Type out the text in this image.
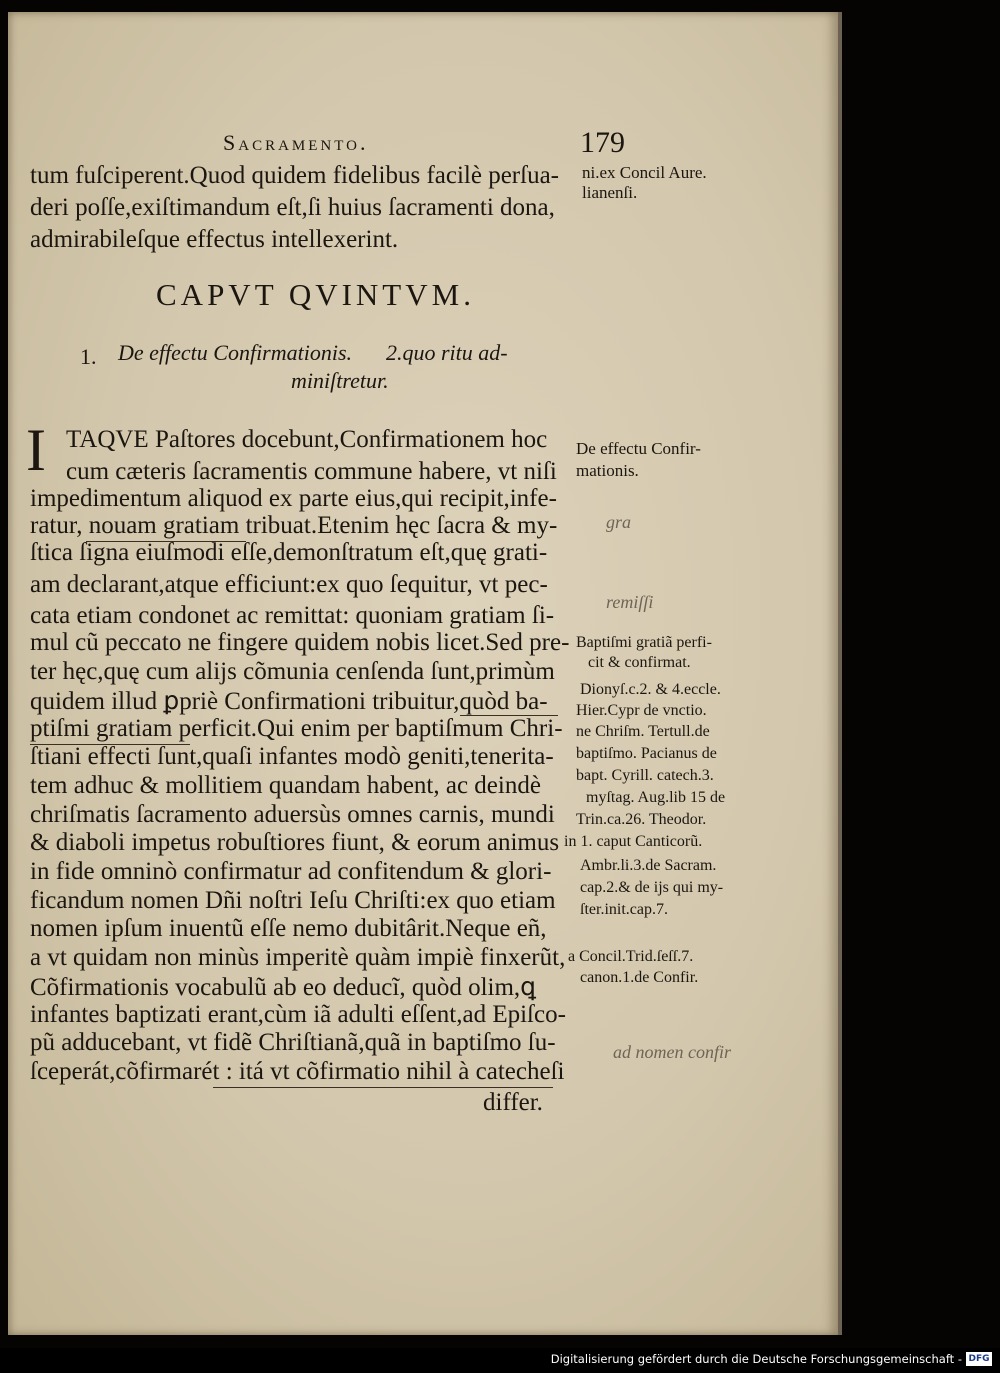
Sacramento.	179
tum fuſciperent.Quod quidem fidelibus facilè perſua-
deri poſſe,exiſtimandum eſt,ſi huius ſacramenti dona,
admirabileſque effectus intellexerint.
ni.ex Concil Aure.
lianenſi.
CAPVT QVINTVM.
1. De effectu Confirmationis. 2.quo ritu ad-
miniſtretur.
I TAQVE Paſtores docebunt,Confirmationem hoc
cum cæteris ſacramentis commune habere, vt niſi
impedimentum aliquod ex parte eius,qui recipit,infe-
ratur, nouam gratiam tribuat.Etenim hęc ſacra & my-
ſtica ſigna eiuſmodi eſſe,demonſtratum eſt,quę grati-
am declarant,atque efficiunt:ex quo ſequitur, vt pec-
cata etiam condonet ac remittat: quoniam gratiam ſi-
mul cũ peccato ne fingere quidem nobis licet.Sed pre-
ter hęc,quę cum alijs cõmunia cenſenda ſunt,primùm
quidem illud ꝑpriè Confirmationi tribuitur,quòd ba-
ptiſmi gratiam perficit.Qui enim per baptiſmum Chri-
ſtiani effecti ſunt,quaſi infantes modò geniti,tenerita-
tem adhuc & mollitiem quandam habent, ac deindè
chriſmatis ſacramento aduersùs omnes carnis, mundi
& diaboli impetus robuſtiores fiunt, & eorum animus
in fide omninò confirmatur ad confitendum & glori-
ficandum nomen Dñi noſtri Ieſu Chriſti:ex quo etiam
nomen ipſum inuentũ eſſe nemo dubitârit.Neque eñ,
a vt quidam non minùs imperitè quàm impiè finxerũt,
Cõfirmationis vocabulũ ab eo deducĩ, quòd olim,ꝗ
infantes baptizati erant,cùm iã adulti eſſent,ad Epiſco-
pũ adducebant, vt fidẽ Chriſtianã,quã in baptiſmo ſu-
ſceperát,cõfirmarét : itá vt cõfirmatio nihil à catecheſi
differ.
De effectu Confir-
mationis.
Baptiſmi gratiã perfi-
cit & confirmat.
Dionyſ.c.2. & 4.eccle.
Hier.Cypr de vnctio.
ne Chriſm. Tertull.de
baptiſmo. Pacianus de
bapt. Cyrill. catech.3.
myſtag. Aug.lib 15 de
Trin.ca.26. Theodor.
in 1. caput Canticorũ.
Ambr.li.3.de Sacram.
cap.2.& de ijs qui my-
ſter.init.cap.7.
a Concil.Trid.ſeſſ.7.
canon.1.de Confir.
gra
remiſſi
ad nomen confir
Digitalisierung gefördert durch die Deutsche Forschungsgemeinschaft - DFG
